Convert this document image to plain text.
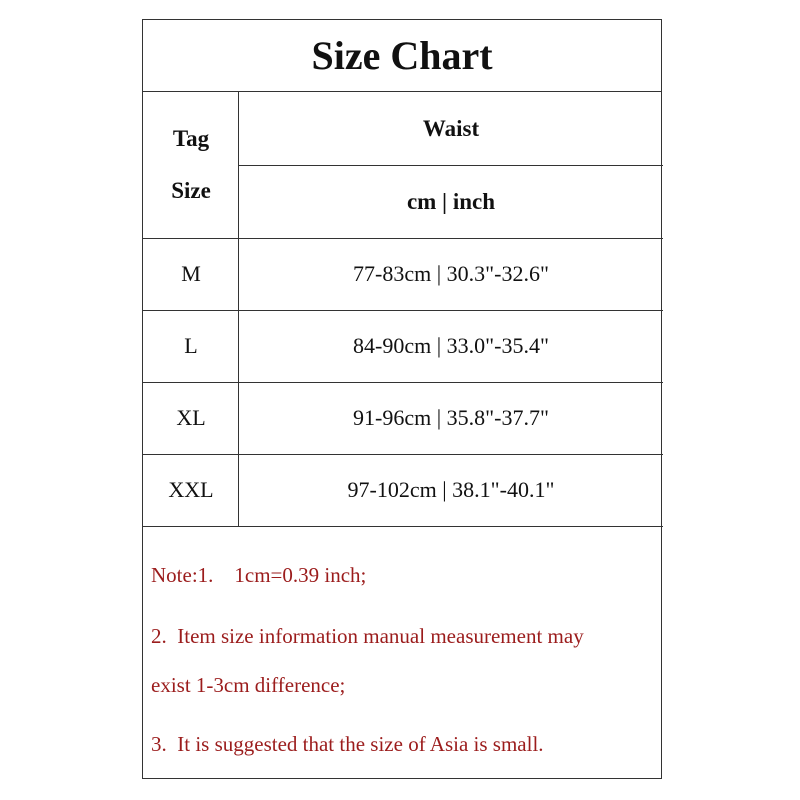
Size Chart
Tag
Size
Waist
cm | inch
M	77-83cm | 30.3"-32.6"
L	84-90cm | 33.0"-35.4"
XL	91-96cm | 35.8"-37.7"
XXL	97-102cm | 38.1"-40.1"
Note:1.    1cm=0.39 inch;
2.  Item size information manual measurement may
exist 1-3cm difference;
3.  It is suggested that the size of Asia is small.
